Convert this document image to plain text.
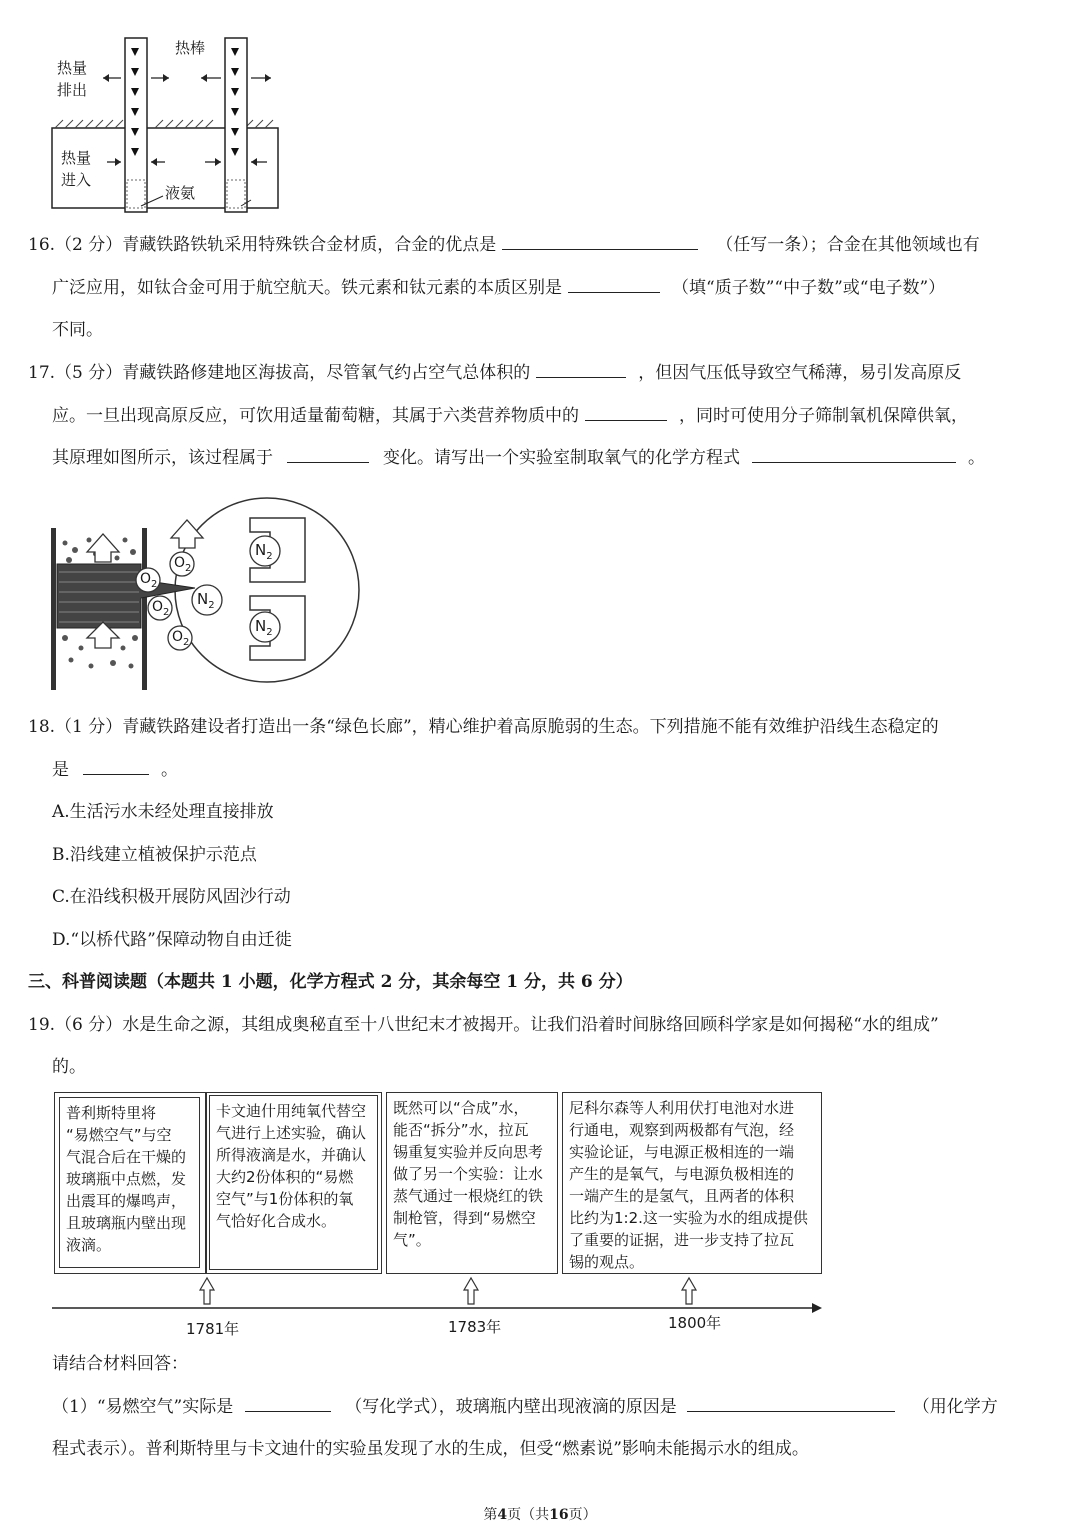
热量
排出
热棒
热量
进入
液氨
16.（2 分）青藏铁路铁轨采用特殊铁合金材质，合金的优点是	（任写一条）；合金在其他领域也有
广泛应用，如钛合金可用于航空航天。铁元素和钛元素的本质区别是	（填“质子数”“中子数”或“电子数”）
不同。
17.（5 分）青藏铁路修建地区海拔高，尽管氧气约占空气总体积的	，但因气压低导致空气稀薄，易引发高原反
应。一旦出现高原反应，可饮用适量葡萄糖，其属于六类营养物质中的	，同时可使用分子筛制氧机保障供氧，
其原理如图所示，该过程属于	变化。请写出一个实验室制取氧气的化学方程式	。
$O_2$
$O_2$
$O_2$
$O_2$
$N_2$
$N_2$
$N_2$
18.（1 分）青藏铁路建设者打造出一条“绿色长廊”，精心维护着高原脆弱的生态。下列措施不能有效维护沿线生态稳定的
是	。
A.生活污水未经处理直接排放
B.沿线建立植被保护示范点
C.在沿线积极开展防风固沙行动
D.“以桥代路”保障动物自由迁徙
三、科普阅读题（本题共 1 小题，化学方程式 2 分，其余每空 1 分，共 6 分）
19.（6 分）水是生命之源，其组成奥秘直至十八世纪末才被揭开。让我们沿着时间脉络回顾科学家是如何揭秘“水的组成”
的。
普利斯特里将
“易燃空气”与空
气混合后在干燥的
玻璃瓶中点燃，发
出震耳的爆鸣声，
且玻璃瓶内壁出现
液滴。
卡文迪什用纯氧代替空
气进行上述实验，确认
所得液滴是水，并确认
大约2份体积的“易燃
空气”与1份体积的氧
气恰好化合成水。
既然可以“合成”水，
能否“拆分”水，拉瓦
锡重复实验并反向思考
做了另一个实验：让水
蒸气通过一根烧红的铁
制枪管，得到“易燃空
气”。
尼科尔森等人利用伏打电池对水进
行通电，观察到两极都有气泡，经
实验论证，与电源正极相连的一端
产生的是氧气，与电源负极相连的
一端产生的是氢气，且两者的体积
比约为1:2.这一实验为水的组成提供
了重要的证据，进一步支持了拉瓦
锡的观点。
1781年	1783年	1800年
请结合材料回答：
（1）“易燃空气”实际是	（写化学式），玻璃瓶内壁出现液滴的原因是	（用化学方
程式表示）。普利斯特里与卡文迪什的实验虽发现了水的生成，但受“燃素说”影响未能揭示水的组成。
第4页（共16页）
